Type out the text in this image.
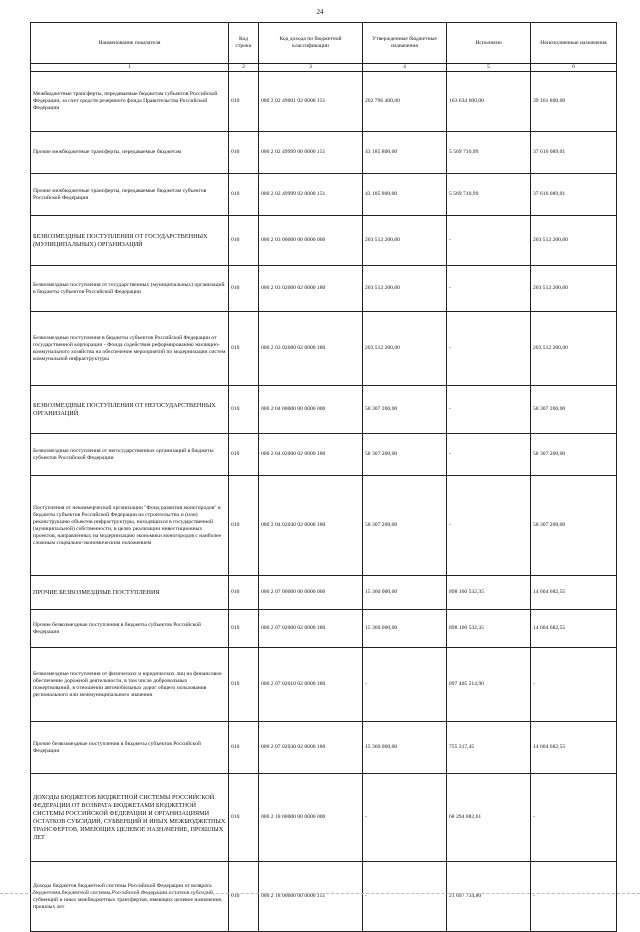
24
Наименование показателя	Код строки	Код дохода по бюджетной классификации	Утвержденные бюджетные назначения	Исполнено	Неисполненные назначения
1	2	3	4	5	6
Межбюджетные трансферты, передаваемые бюджетам субъектов Российской Федерации, за счет средств резервного фонда Правительства Российской Федерации	010	000 2 02 49001 02 0000 151	202 796 400,00	163 634 600,00	39 161 800,00
Прочие межбюджетные трансферты, передаваемые бюджетам	010	000 2 02 49999 00 0000 151	43 185 800,00	5 569 710,99	37 616 089,01
Прочие межбюджетные трансферты, передаваемые бюджетам субъектов Российской Федерации	010	000 2 02 49999 02 0000 151	43 185 800,00	5 569 710,99	37 616 089,01
БЕЗВОЗМЕЗДНЫЕ ПОСТУПЛЕНИЯ ОТ ГОСУДАРСТВЕННЫХ (МУНИЦИПАЛЬНЫХ) ОРГАНИЗАЦИЙ	010	000 2 03 00000 00 0000 000	203 512 200,00	-	203 512 200,00
Безвозмездные поступления от государственных (муниципальных) организаций в бюджеты субъектов Российской Федерации	010	000 2 03 02000 02 0000 180	203 512 200,00	-	203 512 200,00
Безвозмездные поступления в бюджеты субъектов Российской Федерации от государственной корпорации - Фонда содействия реформированию жилищно-коммунального хозяйства на обеспечение мероприятий по модернизации систем коммунальной инфраструктуры	010	000 2 03 02080 02 0000 180	203 512 200,00	-	203 512 200,00
БЕЗВОЗМЕЗДНЫЕ ПОСТУПЛЕНИЯ ОТ НЕГОСУДАРСТВЕННЫХ ОРГАНИЗАЦИЙ	010	000 2 04 00000 00 0000 000	58 307 200,00	-	58 307 200,00
Безвозмездные поступления от негосударственных организаций в бюджеты субъектов Российской Федерации	010	000 2 04 02000 02 0000 180	58 307 200,00	-	58 307 200,00
Поступления от некоммерческой организации "Фонд развития моногородов" в бюджеты субъектов Российской Федерации на строительство и (или) реконструкцию объектов инфраструктуры, находящихся в государственной (муниципальной) собственности, в целях реализации инвестиционных проектов, направленных на модернизацию экономики моногородов с наиболее сложным социально-экономическим положением	010	000 2 04 02040 02 0000 180	58 307 200,00	-	58 307 200,00
ПРОЧИЕ БЕЗВОЗМЕЗДНЫЕ ПОСТУПЛЕНИЯ	010	000 2 07 00000 00 0000 000	15 360 000,00	898 160 532,35	14 604 682,55
Прочие безвозмездные поступления в бюджеты субъектов Российской Федерации	010	000 2 07 02000 02 0000 180	15 360 000,00	898 160 532,35	14 604 682,55
Безвозмездные поступления от физических и юридических лиц на финансовое обеспечение дорожной деятельности, в том числе добровольных пожертвований, в отношении автомобильных дорог общего пользования регионального или межмуниципального значения	010	000 2 07 02010 02 0000 180	-	897 405 214,90	-
Прочие безвозмездные поступления в бюджеты субъектов Российской Федерации	010	000 2 07 02030 02 0000 180	15 360 000,00	755 317,45	14 604 682,55
ДОХОДЫ БЮДЖЕТОВ БЮДЖЕТНОЙ СИСТЕМЫ РОССИЙСКОЙ ФЕДЕРАЦИИ ОТ ВОЗВРАТА БЮДЖЕТАМИ БЮДЖЕТНОЙ СИСТЕМЫ РОССИЙСКОЙ ФЕДЕРАЦИИ И ОРГАНИЗАЦИЯМИ ОСТАТКОВ СУБСИДИЙ, СУБВЕНЦИЙ И ИНЫХ МЕЖБЮДЖЕТНЫХ ТРАНСФЕРТОВ, ИМЕЮЩИХ ЦЕЛЕВОЕ НАЗНАЧЕНИЕ, ПРОШЛЫХ ЛЕТ	010	000 2 18 00000 00 0000 000	-	68 294 082,61	-
Доходы бюджетов бюджетной системы Российской Федерации от возврата бюджетами бюджетной системы Российской Федерации остатков субсидий, субвенций и иных межбюджетных трансфертов, имеющих целевое назначение, прошлых лет	010	000 2 18 00000 00 0000 151	-	21 697 734,80	-
